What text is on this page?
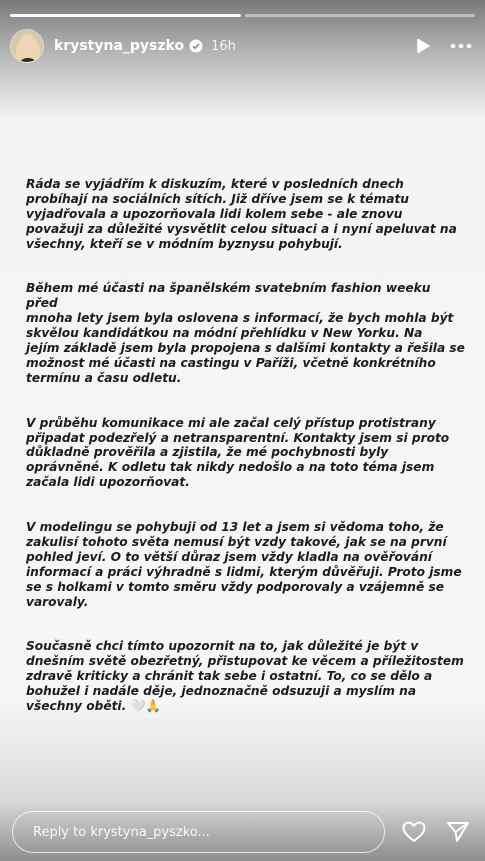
krystyna_pyszko 16h

Ráda se vyjádřím k diskuzím, které v posledních dnech
probíhají na sociálních sítích. Již dříve jsem se k tématu
vyjadřovala a upozorňovala lidi kolem sebe - ale znovu
považuji za důležité vysvětlit celou situaci a i nyní apeluvat na
všechny, kteří se v módním byznysu pohybují.

Během mé účasti na španělském svatebním fashion weeku před
mnoha lety jsem byla oslovena s informací, že bych mohla být
skvělou kandidátkou na módní přehlídku v New Yorku. Na
jejím základě jsem byla propojena s dalšími kontakty a řešila se
možnost mé účasti na castingu v Paříži, včetně konkrétního
termínu a času odletu.

V průběhu komunikace mi ale začal celý přístup protistrany
připadat podezřelý a netransparentní. Kontakty jsem si proto
důkladně prověřila a zjistila, že mé pochybnosti byly
oprávněné. K odletu tak nikdy nedošlo a na toto téma jsem
začala lidi upozorňovat.

V modelingu se pohybuji od 13 let a jsem si vědoma toho, že
zakulisí tohoto světa nemusí být vzdy takové, jak se na první
pohled jeví. O to větší důraz jsem vždy kladla na ověřování
informací a práci výhradně s lidmi, kterým důvěřuji. Proto jsme
se s holkami v tomto směru vždy podporovaly a vzájemně se
varovaly.

Současně chci tímto upozornit na to, jak důležité je být v
dnešním světě obezřetný, přistupovat ke věcem a příležitostem
zdravě kriticky a chránit tak sebe i ostatní. To, co se dělo a
bohužel i nadále děje, jednoznačně odsuzuji a myslím na
všechny oběti. 🤍🙏

Reply to krystyna_pyszko...
